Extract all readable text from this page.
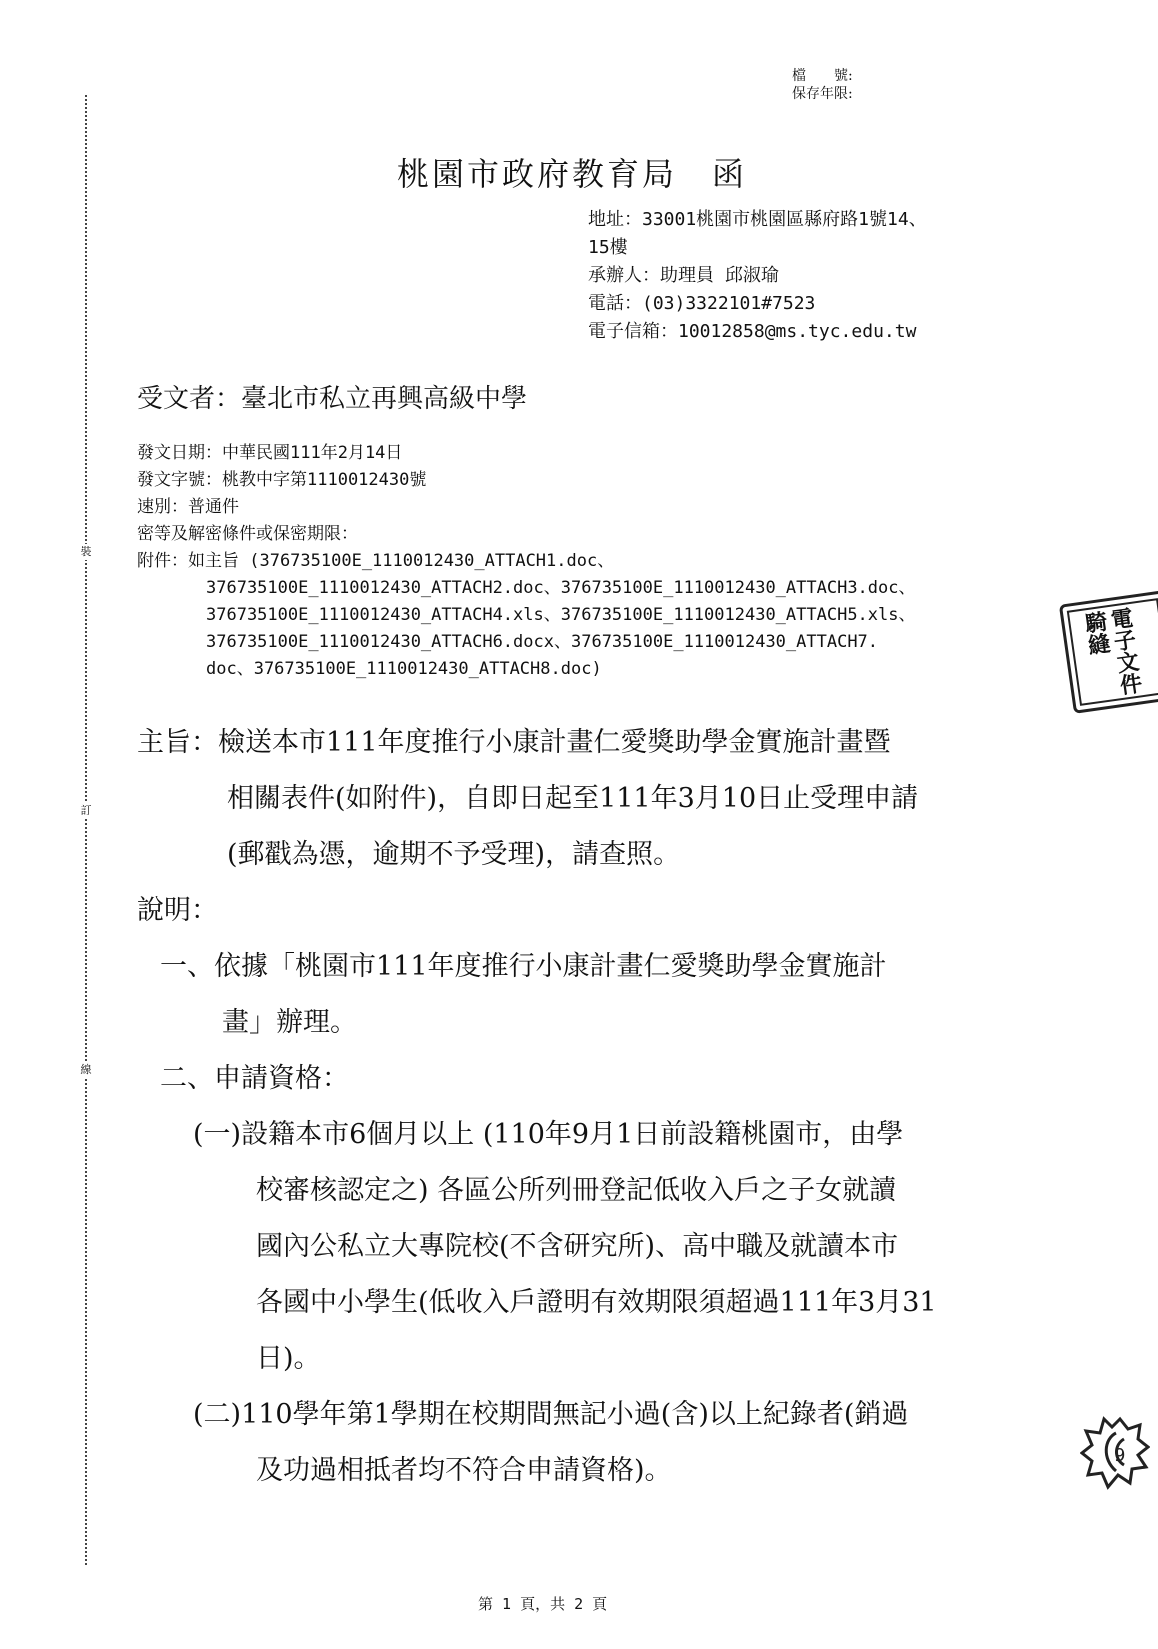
裝
訂
線
檔　　號:
保存年限:
桃園市政府教育局　函
地址：33001桃園市桃園區縣府路1號14、
15樓
承辦人：助理員 邱淑瑜
電話：(03)3322101#7523
電子信箱：10012858@ms.tyc.edu.tw
受文者：臺北市私立再興高級中學
發文日期：中華民國111年2月14日
發文字號：桃教中字第1110012430號
速別：普通件
密等及解密條件或保密期限：
附件：如主旨 (376735100E_1110012430_ATTACH1.doc、
376735100E_1110012430_ATTACH2.doc、376735100E_1110012430_ATTACH3.doc、
376735100E_1110012430_ATTACH4.xls、376735100E_1110012430_ATTACH5.xls、
376735100E_1110012430_ATTACH6.docx、376735100E_1110012430_ATTACH7.
doc、376735100E_1110012430_ATTACH8.doc)
主旨：檢送本市111年度推行小康計畫仁愛獎助學金實施計畫暨
相關表件(如附件)，自即日起至111年3月10日止受理申請
(郵戳為憑，逾期不予受理)，請查照。
說明：
一、依據「桃園市111年度推行小康計畫仁愛獎助學金實施計
畫」辦理。
二、申請資格：
(一)設籍本市6個月以上 (110年9月1日前設籍桃園市，由學
校審核認定之) 各區公所列冊登記低收入戶之子女就讀
國內公私立大專院校(不含研究所)、高中職及就讀本市
各國中小學生(低收入戶證明有效期限須超過111年3月31
日)。
(二)110學年第1學期在校期間無記小過(含)以上紀錄者(銷過
及功過相抵者均不符合申請資格)。
電子文件騎縫
9
第 1 頁，共 2 頁
